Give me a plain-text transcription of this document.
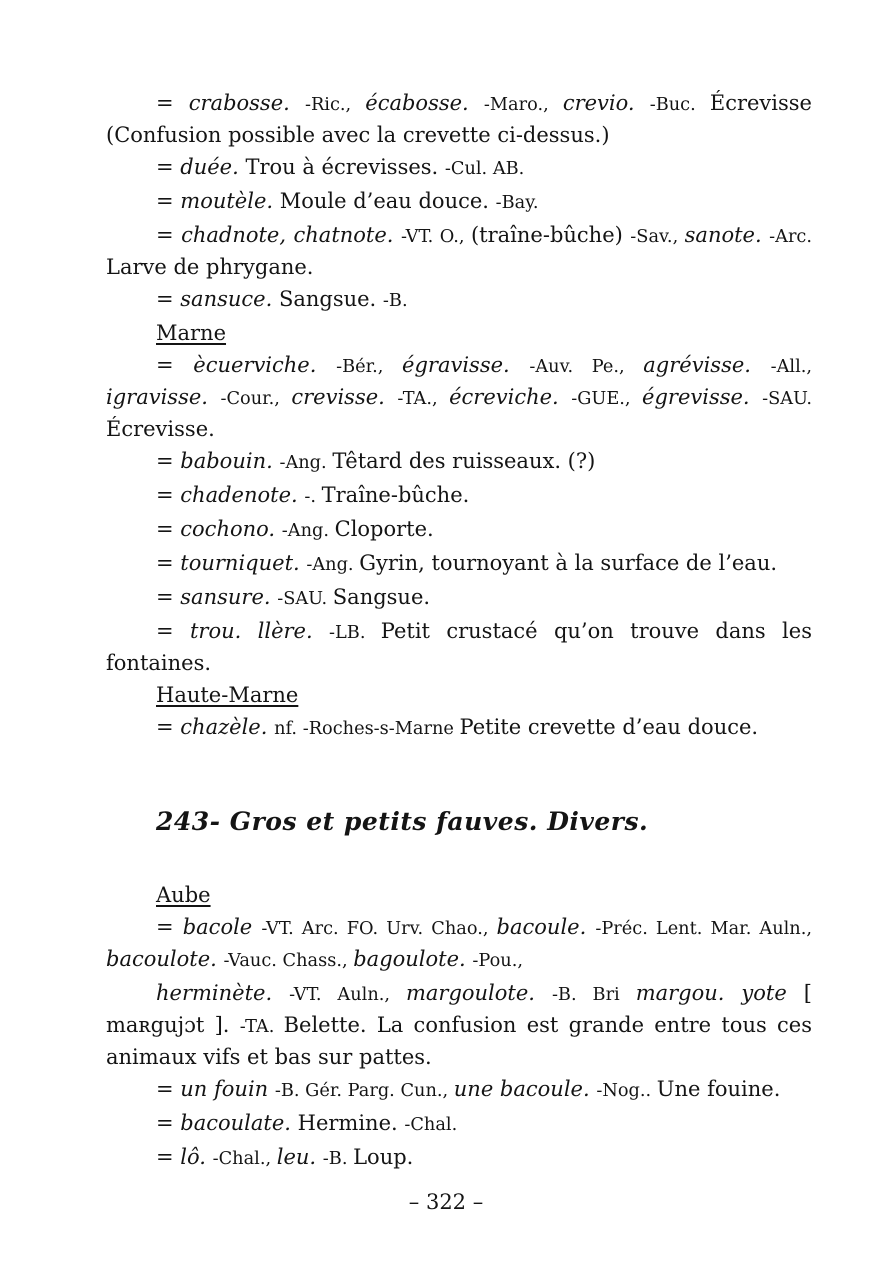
= crabosse. -Ric., écabosse. -Maro., crevio. -Buc. Écrevisse (Confusion possible avec la crevette ci-dessus.)

= duée. Trou à écrevisses. -Cul. AB.

= moutèle. Moule d’eau douce. -Bay.

= chadnote, chatnote. -VT. O., (traîne-bûche) -Sav., sanote. -Arc. Larve de phrygane.

= sansuce. Sangsue. -B.

Marne

= ècuerviche. -Bér., égravisse. -Auv. Pe., agrévisse. -All., igravisse. -Cour., crevisse. -TA., écreviche. -GUE., égrevisse. -SAU. Écrevisse.

= babouin. -Ang. Têtard des ruisseaux. (?)

= chadenote. -. Traîne-bûche.

= cochono. -Ang. Cloporte.

= tourniquet. -Ang. Gyrin, tournoyant à la surface de l’eau.

= sansure. -SAU. Sangsue.

= trou. llère. -LB. Petit crustacé qu’on trouve dans les fontaines.

Haute-Marne

= chazèle. nf. -Roches-s-Marne Petite crevette d’eau douce.

243- Gros et petits fauves. Divers.

Aube

= bacole -VT. Arc. FO. Urv. Chao., bacoule. -Préc. Lent. Mar. Auln., bacoulote. -Vauc. Chass., bagoulote. -Pou.,

herminète. -VT. Auln., margoulote. -B. Bri margou. yote [ maʀgujɔt ]. -TA. Belette. La confusion est grande entre tous ces animaux vifs et bas sur pattes.

= un fouin -B. Gér. Parg. Cun., une bacoule. -Nog.. Une fouine.

= bacoulate. Hermine. -Chal.

= lô. -Chal., leu. -B. Loup.

– 322 –
